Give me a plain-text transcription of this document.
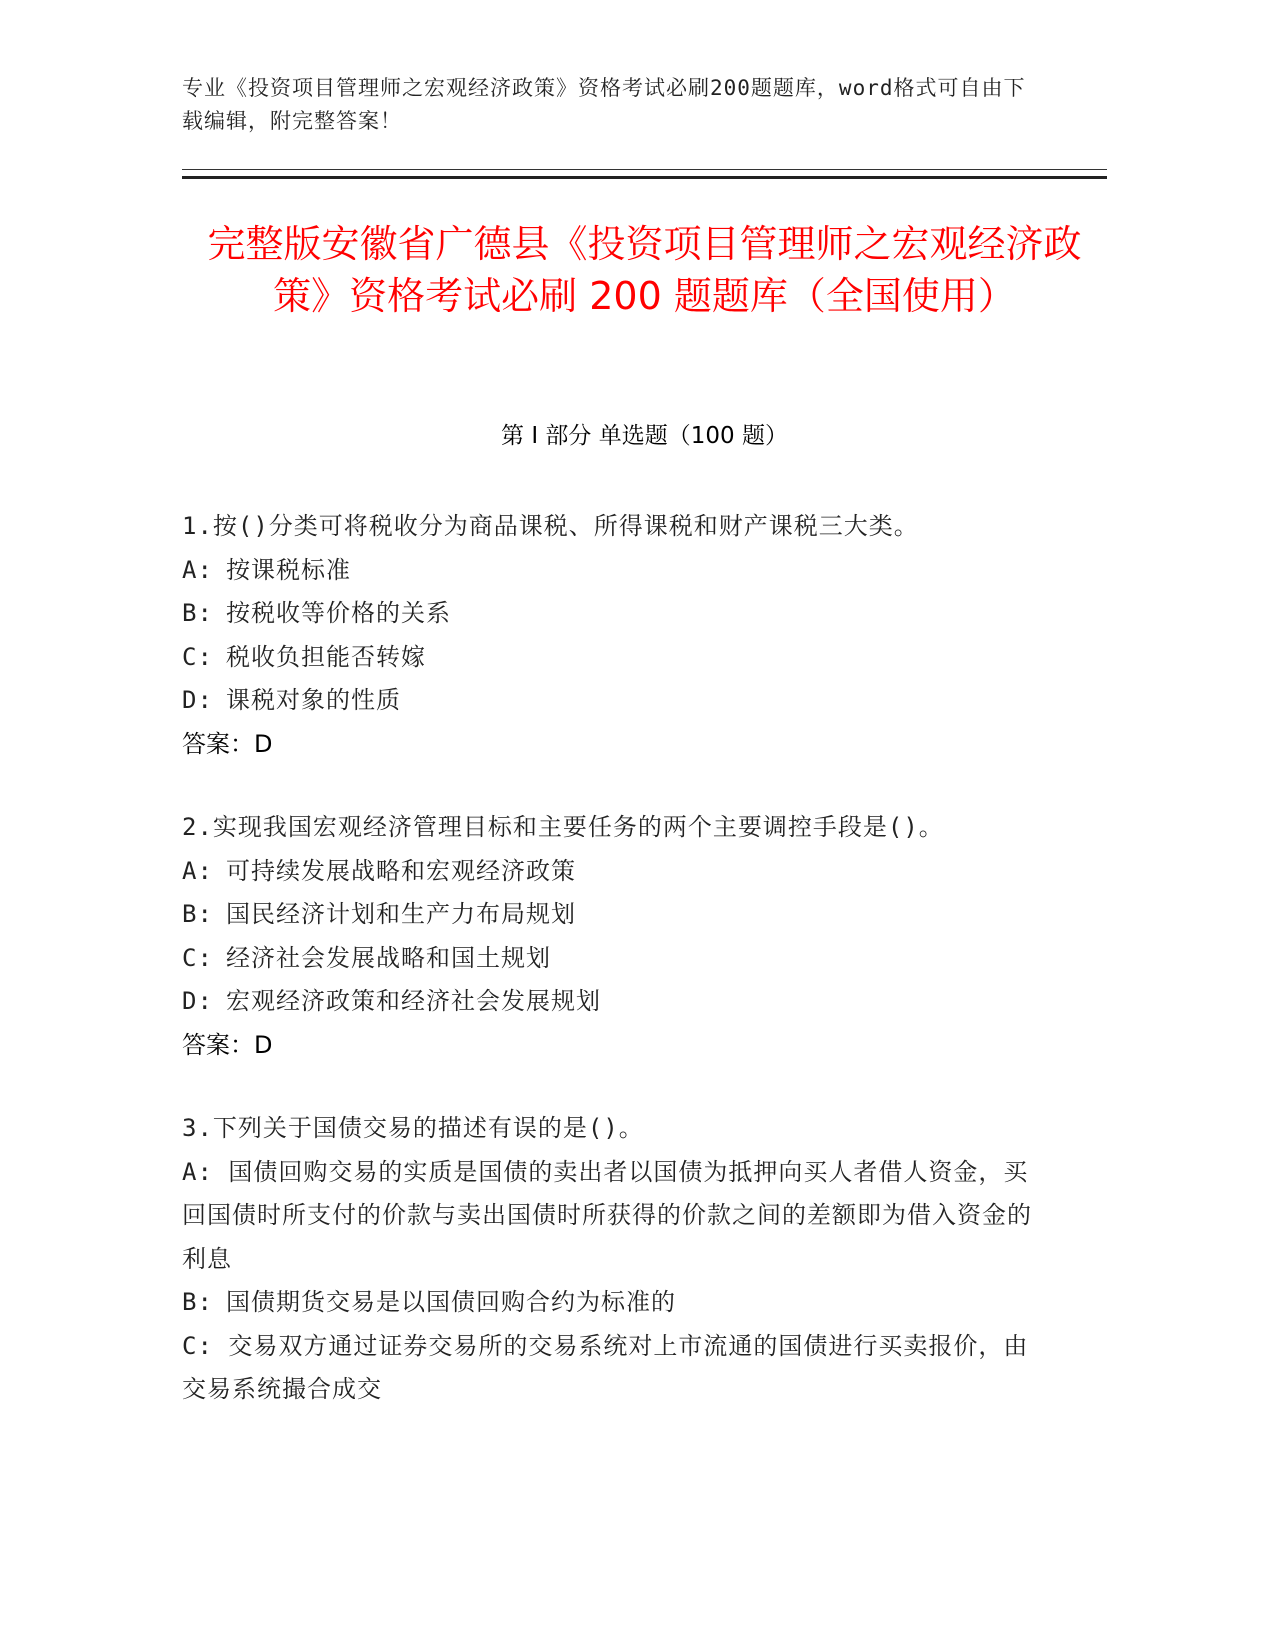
专业《投资项目管理师之宏观经济政策》资格考试必刷200题题库，word格式可自由下载编辑，附完整答案！
完整版安徽省广德县《投资项目管理师之宏观经济政策》资格考试必刷 200 题题库（全国使用）
第 I 部分 单选题（100 题）
1.按()分类可将税收分为商品课税、所得课税和财产课税三大类。
A: 按课税标准
B: 按税收等价格的关系
C: 税收负担能否转嫁
D: 课税对象的性质
答案：D
2.实现我国宏观经济管理目标和主要任务的两个主要调控手段是()。
A: 可持续发展战略和宏观经济政策
B: 国民经济计划和生产力布局规划
C: 经济社会发展战略和国土规划
D: 宏观经济政策和经济社会发展规划
答案：D
3.下列关于国债交易的描述有误的是()。
A: 国债回购交易的实质是国债的卖出者以国债为抵押向买人者借人资金，买回国债时所支付的价款与卖出国债时所获得的价款之间的差额即为借入资金的利息
B: 国债期货交易是以国债回购合约为标准的
C: 交易双方通过证券交易所的交易系统对上市流通的国债进行买卖报价，由交易系统撮合成交
